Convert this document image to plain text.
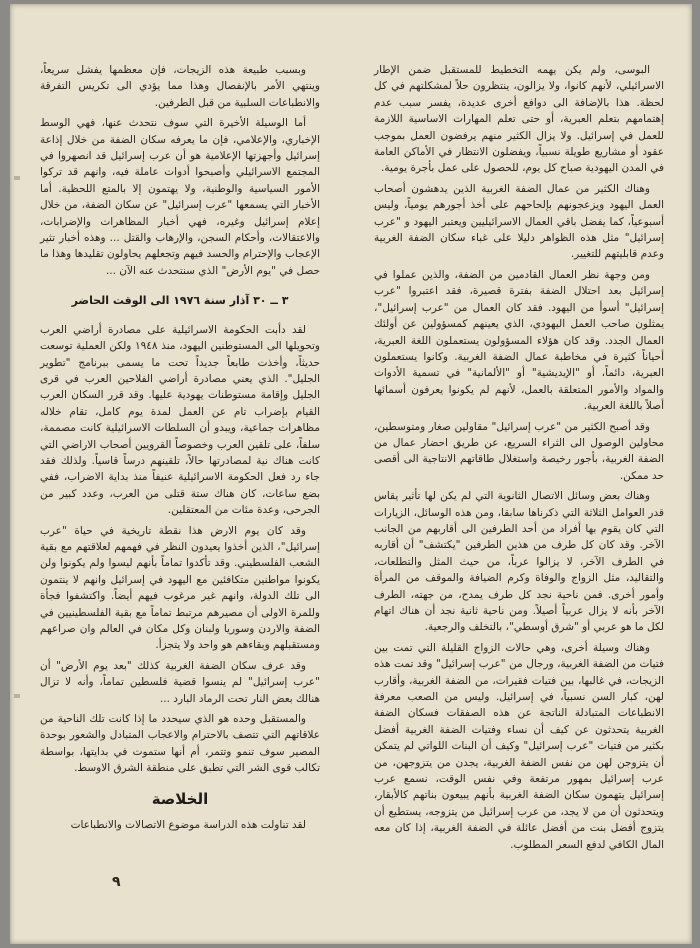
البوسى، ولم يكن يهمه التخطيط للمستقبل ضمن الإطار الاسرائيلي، لأنهم كانوا، ولا يزالون، ينتظرون حلاً لمشكلتهم في كل لحظة. هذا بالإضافة الى دوافع أخرى عديدة، يفسر سبب عدم إهتمامهم بتعلم العبرية، أو حتى تعلم المهارات الاساسية اللازمة للعمل في إسرائيل. ولا يزال الكثير منهم يرفضون العمل بموجب عقود أو مشاريع طويلة نسبياً، ويفضلون الانتظار في الأماكن العامة في المدن اليهودية صباح كل يوم، للحصول على عمل بأجرة يومية.

وهناك الكثير من عمال الضفة الغربية الذين يدهشون أصحاب العمل اليهود ويزعجونهم بإلحاحهم على أخذ أجورهم يومياً، وليس أسبوعياً، كما يفضل باقي العمال الاسرائيليين ويعتبر اليهود و "عرب إسرائيل" مثل هذه الظواهر دليلا على غباء سكان الضفة الغربية وعدم قابليتهم للتغيير.

ومن وجهة نظر العمال القادمين من الضفة، والذين عملوا في إسرائيل بعد احتلال الضفة بفترة قصيرة، فقد اعتبروا "عرب إسرائيل" أسوأ من اليهود. فقد كان العمال من "عرب إسرائيل"، يمثلون صاحب العمل اليهودي، الذي يعينهم كمسؤولين عن أولئك العمال الجدد. وقد كان هؤلاء المسؤولون يستعملون اللغة العبرية، أحياناً كثيرة في مخاطبة عمال الضفة الغربية. وكانوا يستعملون العبرية، دائماً، أو "الإيديشية" أو "الألمانية" في تسمية الأدوات والمواد والأمور المتعلقة بالعمل، لأنهم لم يكونوا يعرفون أسمائها أصلاً باللغة العربية.

وقد أصبح الكثير من "عرب إسرائيل" مقاولين صغار ومتوسطين، محاولين الوصول الى الثراء السريع، عن طريق احضار عمال من الضفة الغربية، بأجور رخيصة واستغلال طاقاتهم الانتاجية الى أقصى حد ممكن.

وهناك بعض وسائل الاتصال الثانوية التي لم يكن لها تأثير يقاس قدر العوامل الثلاثة التي ذكرناها سابقا، ومن هذه الوسائل، الزيارات التي كان يقوم بها أفراد من أحد الطرفين الى أقاربهم من الجانب الآخر. وقد كان كل طرف من هذين الطرفين "يكتشف" أن أقاربه في الطرف الآخر، لا يزالوا عرباً، من حيث المثل والتطلعات، والتقاليد، مثل الزواج والوفاة وكرم الضيافة والموقف من المرأة وأمور أخرى. فمن ناحية نجد كل طرف يمدح، من جهته، الطرف الآخر بأنه لا يزال عربياً أصيلاً. ومن ناحية ثانية نجد أن هناك اتهام لكل ما هو عربي أو "شرق أوسطي"، بالتخلف والرجعية.

وهناك وسيلة أخرى، وهي حالات الزواج القليلة التي تمت بين فتيات من الضفة الغربية، ورجال من "عرب إسرائيل" وقد تمت هذه الزيجات، في غالبها، بين فتيات فقيرات، من الضفة الغربية، وأقارب لهن، كبار السن نسبياً، في إسرائيل. وليس من الصعب معرفة الانطباعات المتبادلة الناتجة عن هذه الصفقات فسكان الضفة الغربية يتحدثون عن كيف أن نساء وفتيات الضفة الغربية أفضل بكثير من فتيات "عرب إسرائيل" وكيف أن البنات اللواتي لم يتمكن أن يتزوجن لهن من نفس الضفة الغربية، يجدن من يتزوجهن، من عرب إسرائيل بمهور مرتفعة وفي نفس الوقت، نسمع عرب إسرائيل يتهمون سكان الضفة الغربية بأنهم يبيعون بناتهم كالأبقار، ويتحدثون أن من لا يجد، من عرب إسرائيل من يتزوجه، يستطيع أن يتزوج أفضل بنت من أفضل عائلة في الضفة الغربية، إذا كان معه المال الكافي لدفع السعر المطلوب.

وبسبب طبيعة هذه الزيجات، فإن معظمها يفشل سريعاً، وينتهي الأمر بالإنفصال وهذا مما يؤدي الى تكريس التفرقة والانطباعات السلبية من قبل الطرفين.

أما الوسيلة الأخيرة التي سوف نتحدث عنها، فهي الوسط الإخباري، والإعلامي، فإن ما يعرفه سكان الضفة من خلال إذاعة إسرائيل وأجهزتها الإعلامية هو أن عرب إسرائيل قد انصهروا في المجتمع الاسرائيلي وأصبحوا أدوات عاملة فيه، وانهم قد تركوا الأمور السياسية والوطنية، ولا يهتمون إلا بالمتع اللحظية. أما الأخبار التي يسمعها "عرب إسرائيل" عن سكان الضفة، من خلال إعلام إسرائيل وغيره، فهي أخبار المظاهرات والإضرابات، والاعتقالات، وأحكام السجن، والإرهاب والقتل ... وهذه أخبار تثير الإعجاب والإحترام والحسد فيهم وتجعلهم يحاولون تقليدها وهذا ما حصل في "يوم الأرض" الذي سنتحدث عنه الآن ...

٣ ــ ٣٠ آذار سنة ١٩٧٦ الى الوقت الحاضر

لقد دأبت الحكومة الاسرائيلية على مصادرة أراضي العرب وتحويلها الى المستوطنين اليهود، منذ ١٩٤٨ ولكن العملية توسعت حديثاً، وأخذت طابعاً جديداً تحت ما يسمى ببرنامج "تطوير الجليل". الذي يعني مصادرة أراضي الفلاحين العرب في قرى الجليل وإقامة مستوطنات يهودية عليها. وقد قرر السكان العرب القيام بإضراب تام عن العمل لمدة يوم كامل، تقام خلاله مظاهرات جماعية، ويبدو أن السلطات الاسرائيلية كانت مصممة، سلفاً، على تلقين العرب وخصوصاً القرويين أصحاب الاراضي التي كانت هناك نية لمصادرتها حالاً، تلقينهم درساً قاسياً. ولذلك فقد جاء رد فعل الحكومة الاسرائيلية عنيفاً منذ بداية الاضراب، ففي بضع ساعات، كان هناك ستة قتلى من العرب، وعدد كبير من الجرحى، وعدة مئات من المعتقلين.

وقد كان يوم الارض هذا نقطة تاريخية في حياة "عرب إسرائيل"، الذين أخذوا يعيدون النظر في فهمهم لعلاقتهم مع بقية الشعب الفلسطيني. وقد تأكدوا تماماً بأنهم ليسوا ولم يكونوا ولن يكونوا مواطنين متكافئين مع اليهود في إسرائيل وانهم لا ينتمون الى تلك الدولة، وانهم غير مرغوب فيهم أيضاً. واكتشفوا فجأة وللمرة الاولى أن مصيرهم مرتبط تماماً مع بقية الفلسطينيين في الضفة والاردن وسوريا ولبنان وكل مكان في العالم وان صراعهم ومستقبلهم وبقاءهم هو واحد ولا يتجزأ.

وقد عرف سكان الضفة الغربية كذلك "بعد يوم الأرض" أن "عرب إسرائيل" لم ينسوا قضية فلسطين تماماً، وأنه لا تزال هنالك بعض النار تحت الرماد البارد ...

والمستقبل وحده هو الذي سيحدد ما إذا كانت تلك الناحية من علاقاتهم التي تتصف بالاحترام والاعجاب المتبادل والشعور بوحدة المصير سوف تنمو وتتمر، أم أنها ستموت في بدايتها، بواسطة تكالب قوى الشر التي تطبق على منطقة الشرق الاوسط.

الخلاصة

لقد تناولت هذه الدراسة موضوع الاتصالات والانطباعات

٩
